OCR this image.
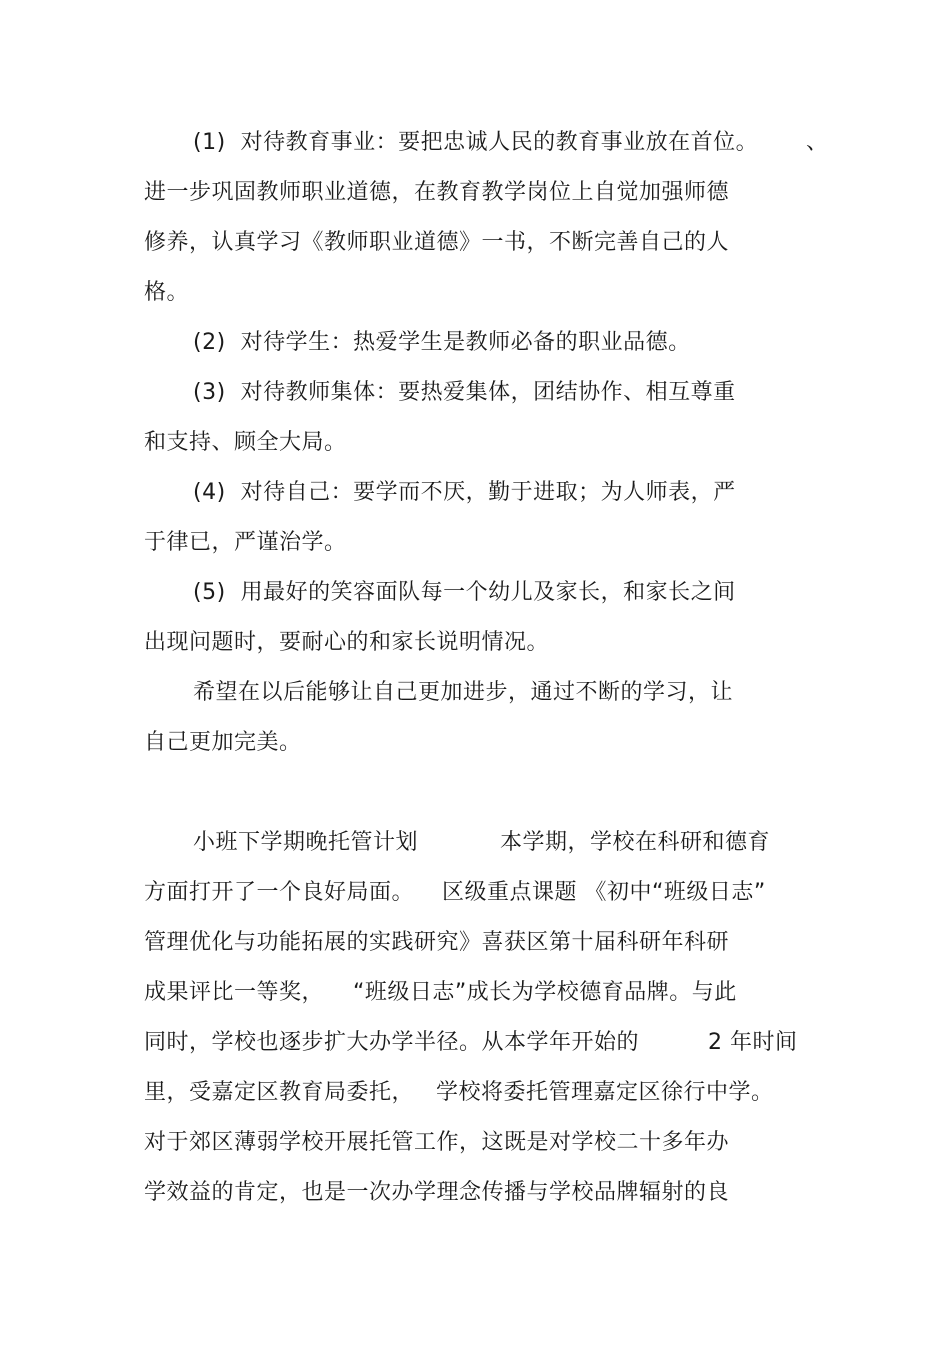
(1)  对待教育事业：要把忠诚人民的教育事业放在首位。 、
进一步巩固教师职业道德，在教育教学岗位上自觉加强师德
修养，认真学习《教师职业道德》一书，不断完善自己的人
格。
(2)  对待学生：热爱学生是教师必备的职业品德。
(3)  对待教师集体：要热爱集体，团结协作、相互尊重
和支持、顾全大局。
(4)  对待自己：要学而不厌，勤于进取；为人师表，严
于律已，严谨治学。
(5)  用最好的笑容面队每一个幼儿及家长，和家长之间
出现问题时，要耐心的和家长说明情况。
希望在以后能够让自己更加进步，通过不断的学习，让
自己更加完美。
小班下学期晚托管计划	本学期，学校在科研和德育
方面打开了一个良好局面。 区级重点课题 《初中“班级日志”
管理优化与功能拓展的实践研究》喜获区第十届科研年科研
成果评比一等奖， “班级日志”成长为学校德育品牌。与此
同时，学校也逐步扩大办学半径。从本学年开始的	2 年时间
里，受嘉定区教育局委托， 学校将委托管理嘉定区徐行中学。
对于郊区薄弱学校开展托管工作，这既是对学校二十多年办
学效益的肯定，也是一次办学理念传播与学校品牌辐射的良
